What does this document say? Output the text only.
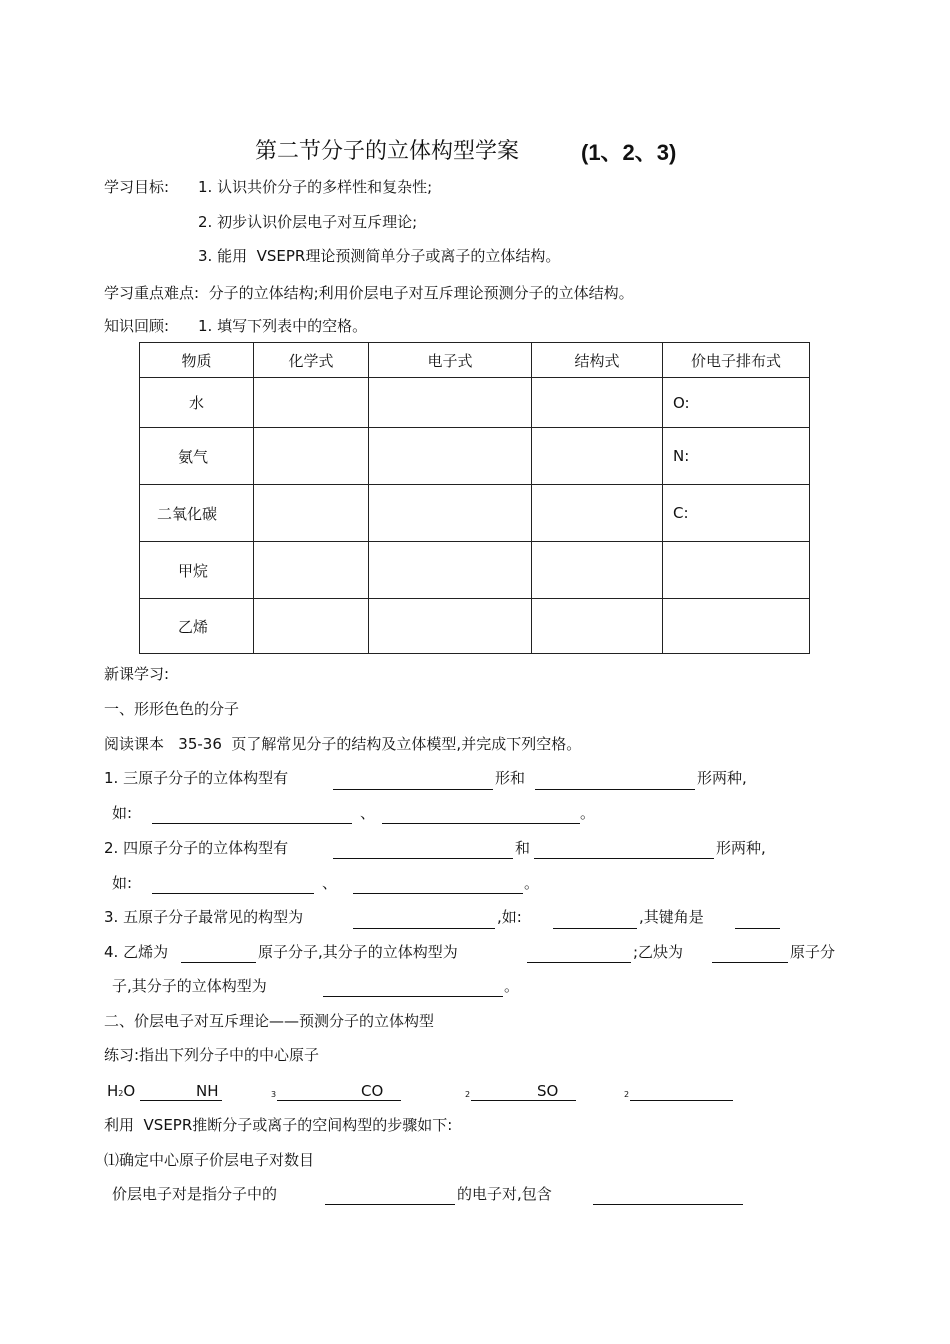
第二节分子的立体构型学案	(1、2、3)
学习目标: 1. 认识共价分子的多样性和复杂性;
2. 初步认识价层电子对互斥理论;
3. 能用  VSEPR理论预测简单分子或离子的立体结构。
学习重点难点:  分子的立体结构;利用价层电子对互斥理论预测分子的立体结构。
知识回顾: 1. 填写下列表中的空格。
物质	化学式	电子式	结构式	价电子排布式
水				O:
氨气				N:
二氧化碳				C:
甲烷				
乙烯				
新课学习:
一、形形色色的分子
阅读课本   35-36  页了解常见分子的结构及立体模型,并完成下列空格。
1. 三原子分子的立体构型有	形和	形两种,
如:	、	。
2. 四原子分子的立体构型有	和	形两种,
如:	、	。
3. 五原子分子最常见的构型为	,如:	,其键角是
4. 乙烯为	原子分子,其分子的立体构型为	;乙炔为	原子分
子,其分子的立体构型为	。
二、价层电子对互斥理论——预测分子的立体构型
练习:指出下列分子中的中心原子
H2O	NH	3	CO	2	SO	2
利用  VSEPR推断分子或离子的空间构型的步骤如下:
⑴确定中心原子价层电子对数目
价层电子对是指分子中的	的电子对,包含
